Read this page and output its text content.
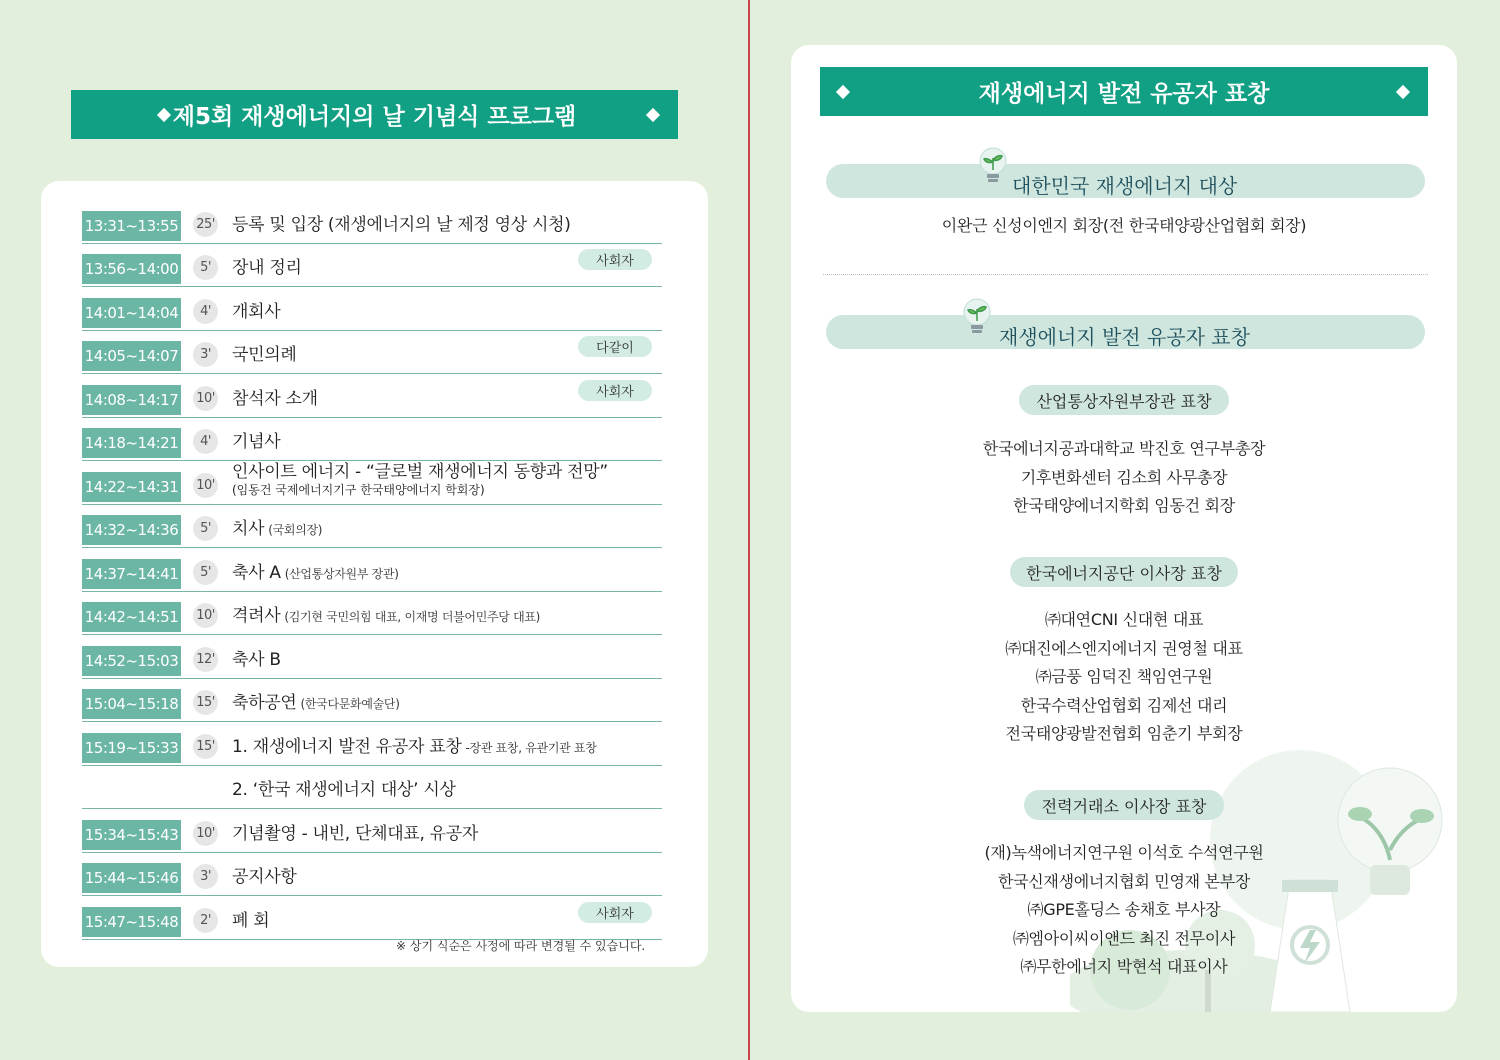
제5회 재생에너지의 날 기념식 프로그램
13:31~13:55 25' 등록 및 입장 (재생에너지의 날 제정 영상 시청)
13:56~14:00	5'	장내 정리	사회자
14:01~14:04	4'	개회사
14:05~14:07	3'	국민의례	다같이
14:08~14:17 10' 참석자 소개	사회자
14:18~14:21	4'	기념사
14:22~14:31 10'
인사이트 에너지 - “글로벌 재생에너지 동향과 전망”
(임동건 국제에너지기구 한국태양에너지 학회장)
14:32~14:36	5'	치사 (국회의장)
14:37~14:41	5'	축사 A (산업통상자원부 장관)
14:42~14:51 10' 격려사 (김기현 국민의힘 대표, 이재명 더불어민주당 대표)
14:52~15:03 12' 축사 B
15:04~15:18 15' 축하공연 (한국다문화예술단)
15:19~15:33 15' 1. 재생에너지 발전 유공자 표창 -장관 표창, 유관기관 표창
2. ‘한국 재생에너지 대상’ 시상
15:34~15:43 10' 기념촬영 - 내빈, 단체대표, 유공자
15:44~15:46	3'	공지사항
15:47~15:48	2'	폐 회	사회자
※ 상기 식순은 사정에 따라 변경될 수 있습니다.
재생에너지 발전 유공자 표창
대한민국 재생에너지 대상
이완근 신성이엔지 회장(전 한국태양광산업협회 회장)
재생에너지 발전 유공자 표창
산업통상자원부장관 표창
한국에너지공과대학교 박진호 연구부총장
기후변화센터 김소희 사무총장
한국태양에너지학회 임동건 회장
한국에너지공단 이사장 표창
㈜대연CNI 신대현 대표
㈜대진에스엔지에너지 권영철 대표
㈜금풍 임덕진 책임연구원
한국수력산업협회 김제선 대리
전국태양광발전협회 임춘기 부회장
전력거래소 이사장 표창
(재)녹색에너지연구원 이석호 수석연구원
한국신재생에너지협회 민영재 본부장
㈜GPE홀딩스 송채호 부사장
㈜엠아이씨이앤드 최진 전무이사
㈜무한에너지 박현석 대표이사
